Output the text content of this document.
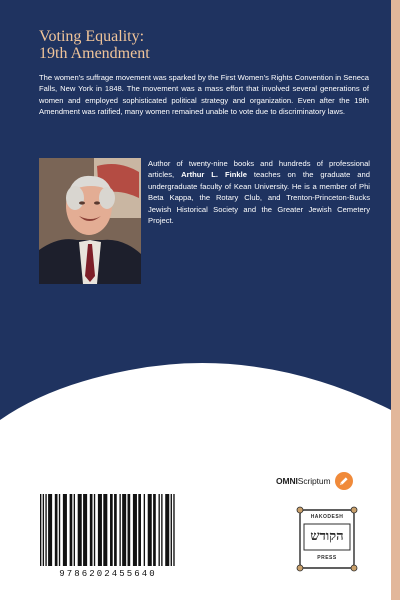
Voting Equality:
19th Amendment

The women's suffrage movement was sparked by the First Women's Rights Convention in Seneca Falls, New York in 1848. The movement was a mass effort that involved several generations of women and employed sophisticated political strategy and organization. Even after the 19th Amendment was ratified, many women remained unable to vote due to discriminatory laws.

Author of twenty-nine books and hundreds of professional articles, Arthur L. Finkle teaches on the graduate and undergraduate faculty of Kean University. He is a member of Phi Beta Kappa, the Rotary Club, and Trenton-Princeton-Bucks Jewish Historical Society and the Greater Jewish Cemetery Project.

OMNIScriptum
HAKODESH
הקודש
PRESS
9786202455640
